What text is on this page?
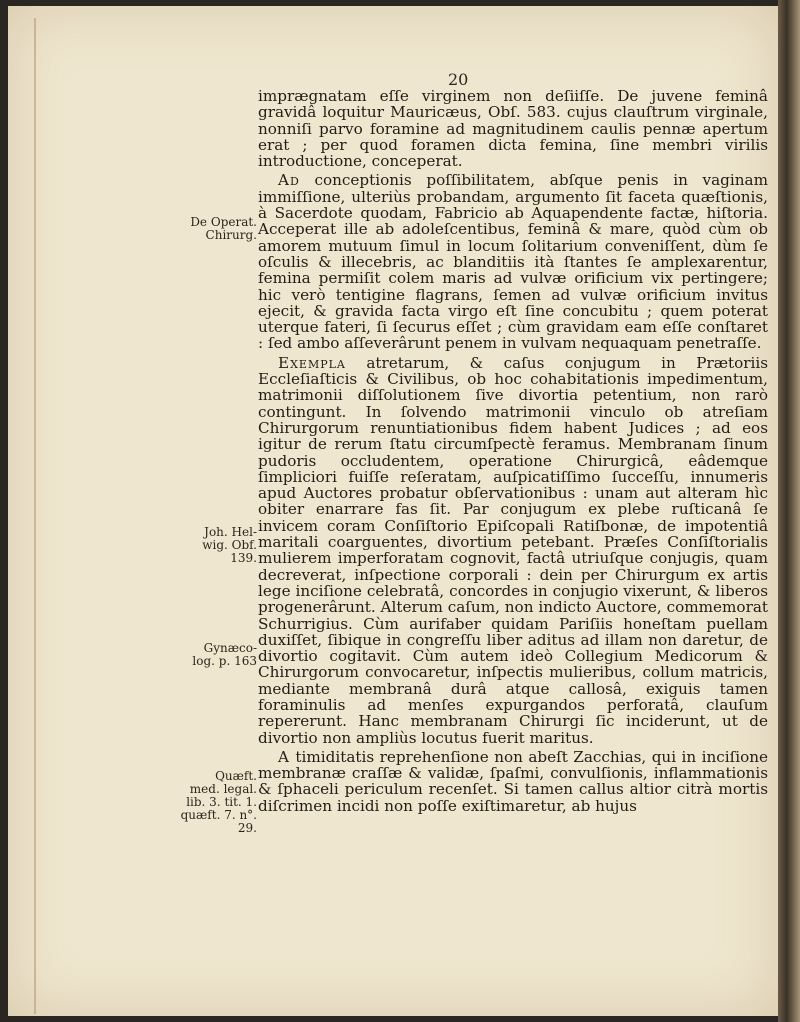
20
De Operat.
Chirurg.
Joh. Hel-
wig. Obf.
139.
Gynæco-
log. p. 163
Quæft.
med. legal.
lib. 3. tit. 1.
quæft. 7. n°.
29.

imprægnatam eſſe virginem non deſiiſſe. De juvene feminâ gravidâ loquitur Mauricæus, Obſ. 583. cujus clauſtrum virginale, nonniſi parvo foramine ad magnitudinem caulis pennæ apertum erat ; per quod foramen dicta femina, ſine membri virilis introductione, conceperat.

Ad conceptionis poſſibilitatem, abſque penis in vaginam immiſſione, ulteriùs probandam, argumento ſit faceta quæſtionis, à Sacerdote quodam, Fabricio ab Aquapendente factæ, hiſtoria. Acceperat ille ab adoleſcentibus, feminâ & mare, quòd cùm ob amorem mutuum ſimul in locum ſolitarium conveniſſent, dùm ſe oſculis & illecebris, ac blanditiis ità ſtantes ſe amplexarentur, femina permiſit colem maris ad vulvæ orificium vix pertingere; hic verò tentigine flagrans, ſemen ad vulvæ orificium invitus ejecit, & gravida facta virgo eſt ſine concubitu ; quem poterat uterque fateri, ſi ſecurus eſſet ; cùm gravidam eam eſſe conſtaret : ſed ambo aſſeverârunt penem in vulvam nequaquam penetraſſe.

Exempla atretarum, & caſus conjugum in Prætoriis Eccleſiaſticis & Civilibus, ob hoc cohabitationis impedimentum, matrimonii diſſolutionem ſive divortia petentium, non rarò contingunt. In ſolvendo matrimonii vinculo ob atreſiam Chirurgorum renuntiationibus fidem habent Judices ; ad eos igitur de rerum ſtatu circumſpectè feramus. Membranam ſinum pudoris occludentem, operatione Chirurgicâ, eâdemque ſimpliciori fuiſſe reſeratam, auſpicatiſſimo ſucceſſu, innumeris apud Auctores probatur obſervationibus : unam aut alteram hìc obiter enarrare fas ſit. Par conjugum ex plebe ruſticanâ ſe invicem coram Conſiſtorio Epiſcopali Ratiſbonæ, de impotentiâ maritali coarguentes, divortium petebant. Præſes Conſiſtorialis mulierem imperforatam cognovit, factâ utriuſque conjugis, quam decreverat, inſpectione corporali : dein per Chirurgum ex artis lege inciſione celebratâ, concordes in conjugio vixerunt, & liberos progenerârunt. Alterum caſum, non indicto Auctore, commemorat Schurrigius. Cùm aurifaber quidam Pariſiis honeſtam puellam duxiſſet, ſibique in congreſſu liber aditus ad illam non daretur, de divortio cogitavit. Cùm autem ideò Collegium Medicorum & Chirurgorum convocaretur, inſpectis mulieribus, collum matricis, mediante membranâ durâ atque callosâ, exiguis tamen foraminulis ad menſes expurgandos perforatâ, clauſum repererunt. Hanc membranam Chirurgi ſic inciderunt, ut de divortio non ampliùs locutus fuerit maritus.

A timiditatis reprehenſione non abeſt Zacchias, qui in inciſione membranæ craſſæ & validæ, ſpaſmi, convulſionis, inflammationis & ſphaceli periculum recenſet. Si tamen callus altior citrà mortis diſcrimen incidi non poſſe exiſtimaretur, ab hujus
